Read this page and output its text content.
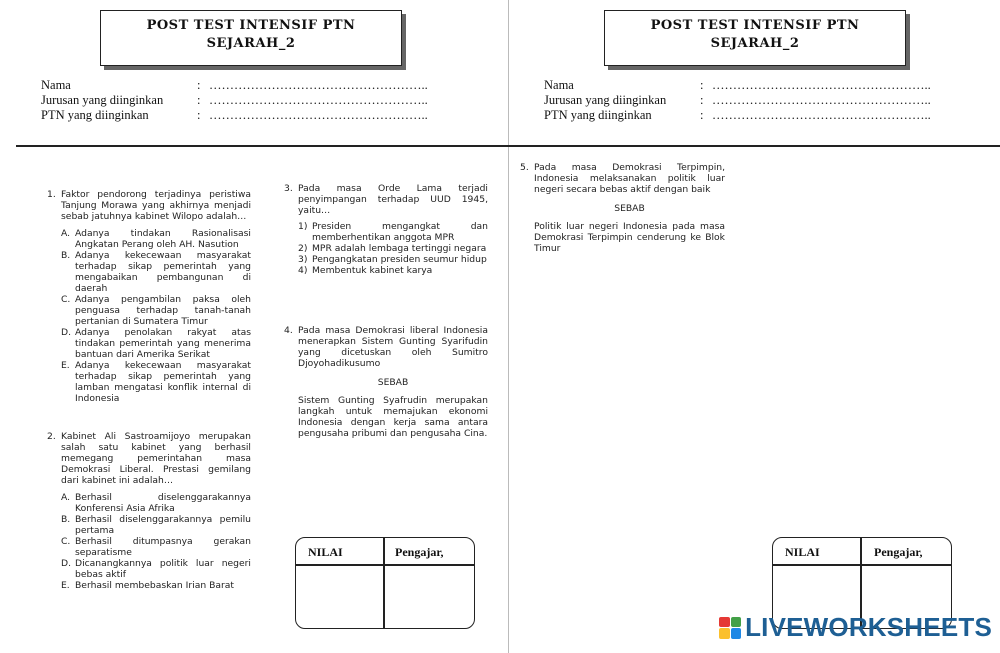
POST TEST INTENSIF PTN
SEJARAH_2
Nama	: ……………………………………………..
Jurusan yang diinginkan	: ……………………………………………..
PTN yang diinginkan	: ……………………………………………..
POST TEST INTENSIF PTN
SEJARAH_2
Nama	: ……………………………………………..
Jurusan yang diinginkan	: ……………………………………………..
PTN yang diinginkan	: ……………………………………………..
1. Faktor pendorong terjadinya peristiwa Tanjung Morawa yang akhirnya menjadi sebab jatuhnya kabinet Wilopo adalah…
A. Adanya tindakan Rasionalisasi Angkatan Perang oleh AH. Nasution
B. Adanya kekecewaan masyarakat terhadap sikap pemerintah yang mengabaikan pembangunan di daerah
C. Adanya pengambilan paksa oleh penguasa terhadap tanah-tanah pertanian di Sumatera Timur
D. Adanya penolakan rakyat atas tindakan pemerintah yang menerima bantuan dari Amerika Serikat
E. Adanya kekecewaan masyarakat terhadap sikap pemerintah yang lamban mengatasi konflik internal di Indonesia
2. Kabinet Ali Sastroamijoyo merupakan salah satu kabinet yang berhasil memegang pemerintahan masa Demokrasi Liberal. Prestasi gemilang dari kabinet ini adalah…
A. Berhasil diselenggarakannya Konferensi Asia Afrika
B. Berhasil diselenggarakannya pemilu pertama
C. Berhasil ditumpasnya gerakan separatisme
D. Dicanangkannya politik luar negeri bebas aktif
E. Berhasil membebaskan Irian Barat
3. Pada masa Orde Lama terjadi penyimpangan terhadap UUD 1945, yaitu…
1) Presiden mengangkat dan memberhentikan anggota MPR
2) MPR adalah lembaga tertinggi negara
3) Pengangkatan presiden seumur hidup
4) Membentuk kabinet karya
4. Pada masa Demokrasi liberal Indonesia menerapkan Sistem Gunting Syarifudin yang dicetuskan oleh Sumitro Djoyohadikusumo
SEBAB
Sistem Gunting Syafrudin merupakan langkah untuk memajukan ekonomi Indonesia dengan kerja sama antara pengusaha pribumi dan pengusaha Cina.
5. Pada masa Demokrasi Terpimpin, Indonesia melaksanakan politik luar negeri secara bebas aktif dengan baik
SEBAB
Politik luar negeri Indonesia pada masa Demokrasi Terpimpin cenderung ke Blok Timur
NILAI	Pengajar,	NILAI	Pengajar,
LIVEWORKSHEETS
